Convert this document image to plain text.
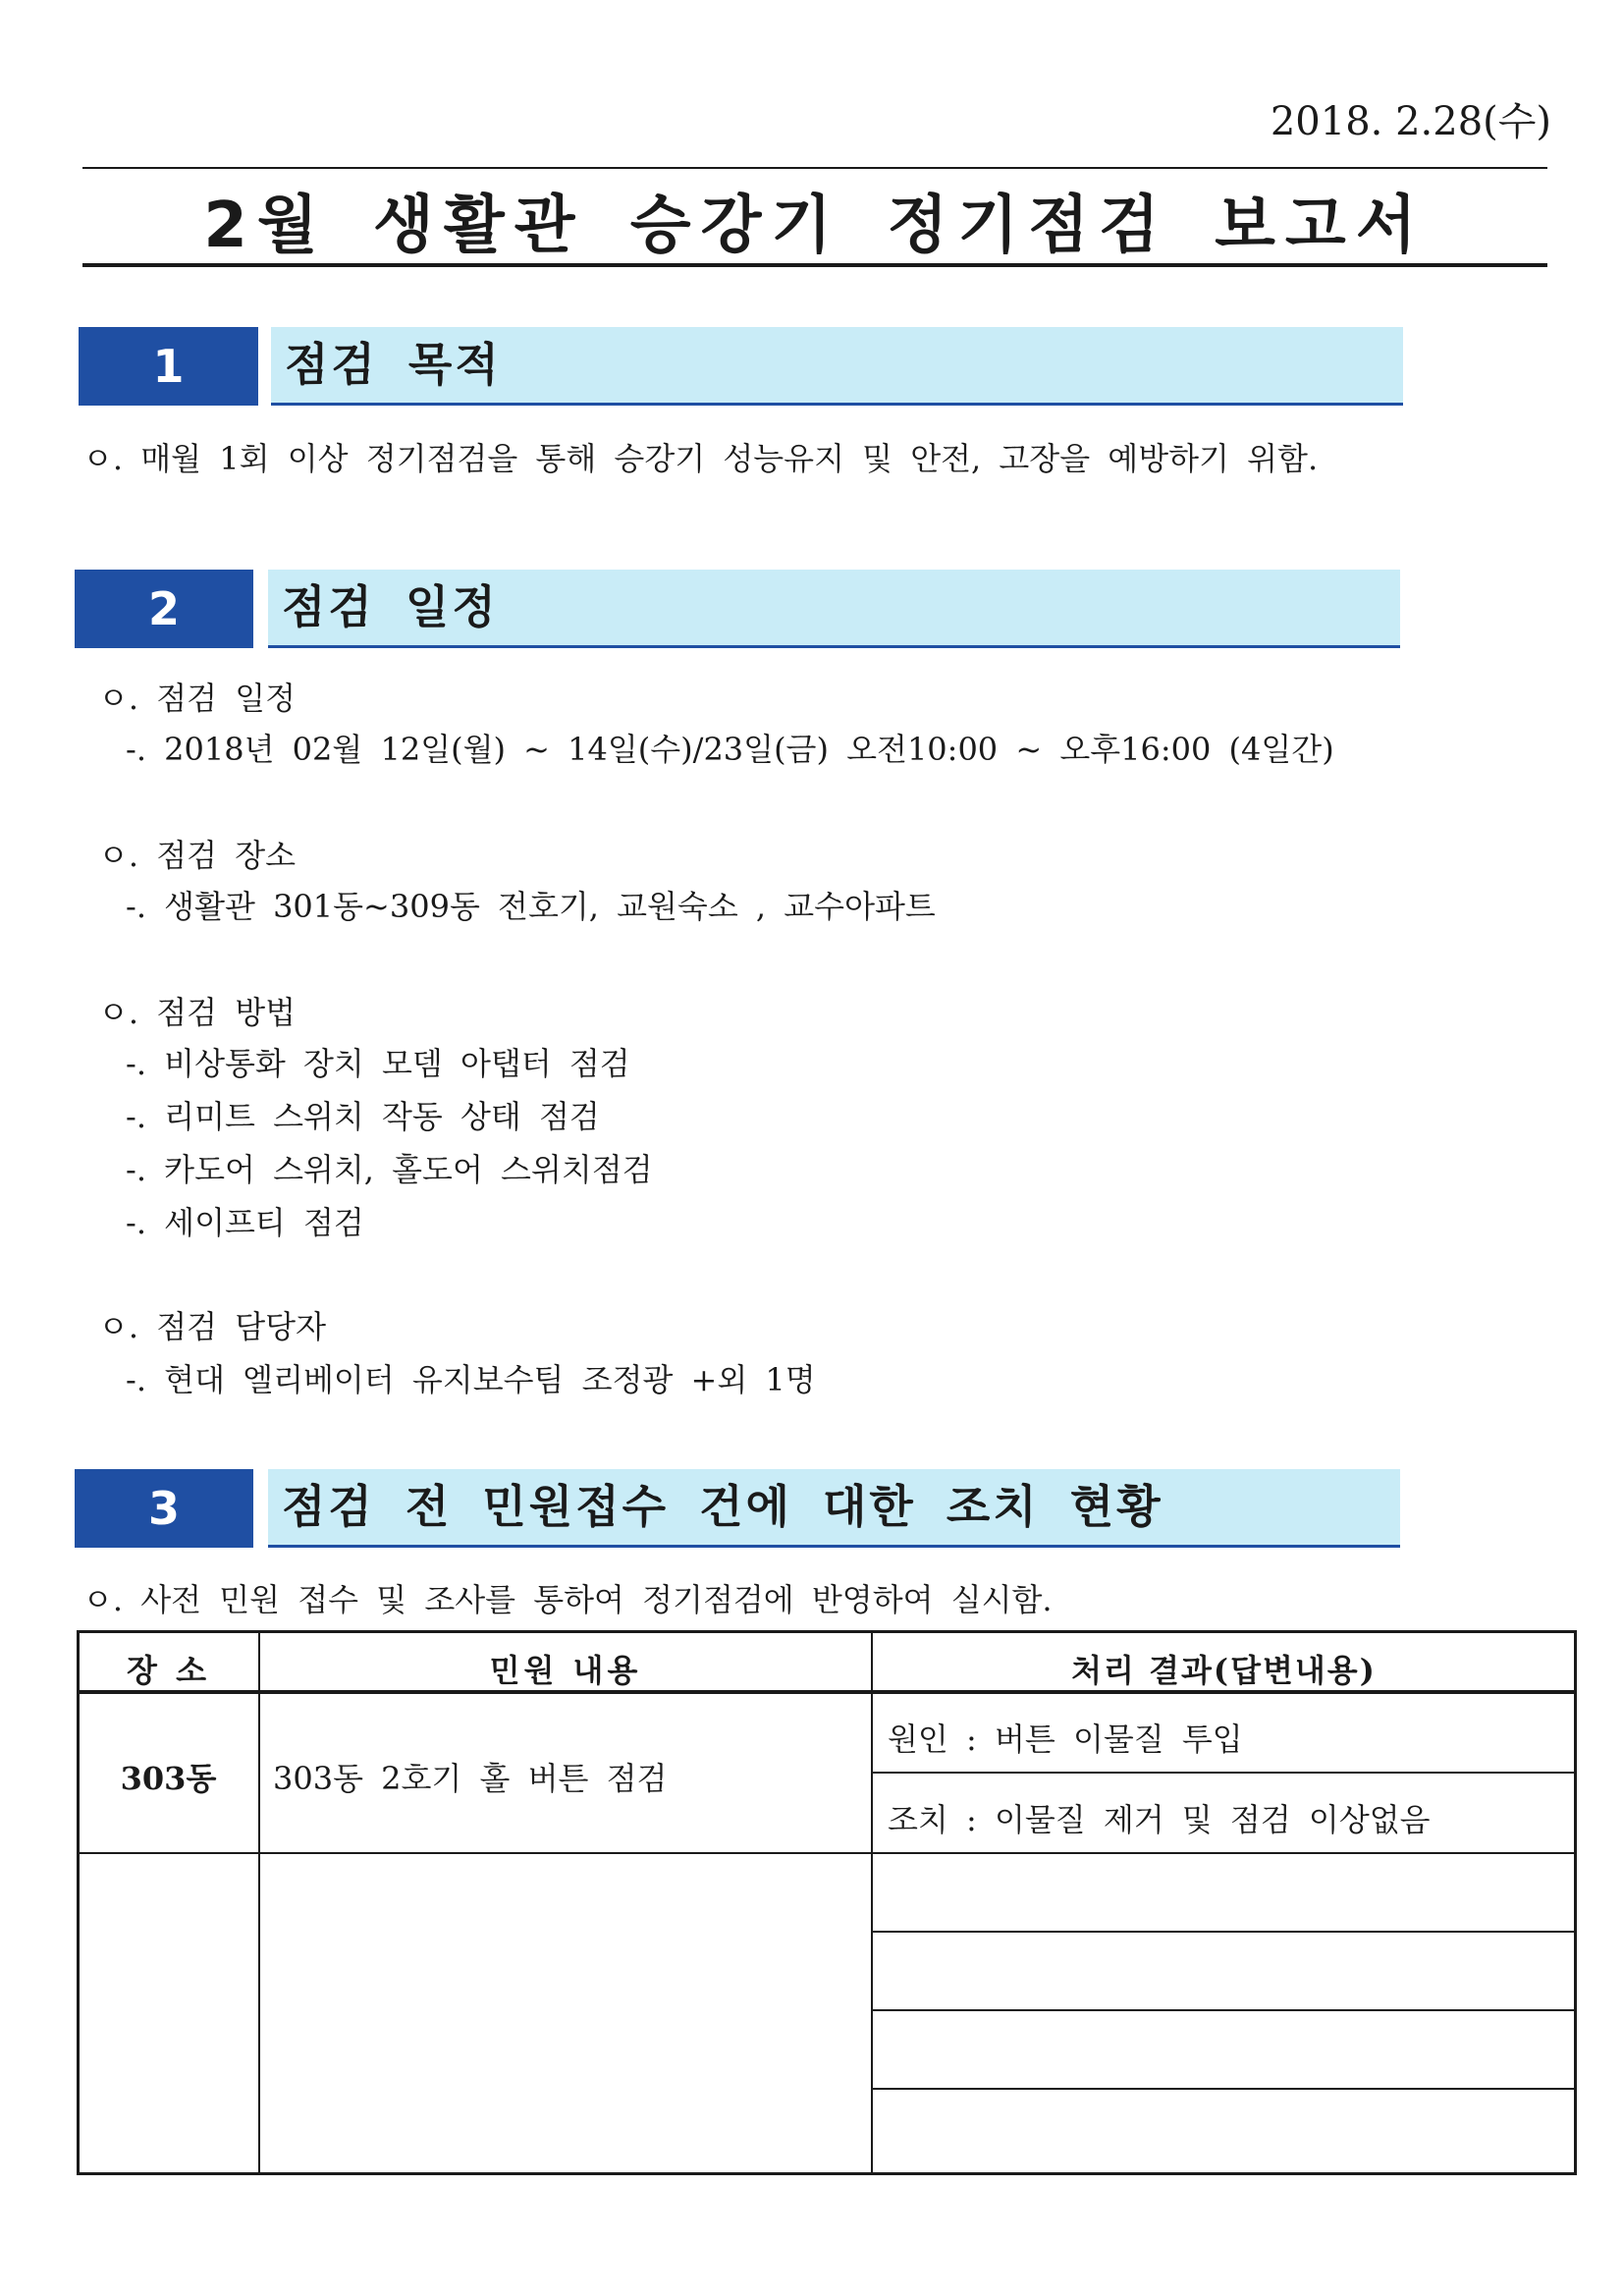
2018. 2.28(수)
2월 생활관 승강기 정기점검 보고서
1	점검 목적
ㅇ. 매월 1회 이상 정기점검을 통해 승강기 성능유지 및 안전, 고장을 예방하기 위함.
2	점검 일정
ㅇ. 점검 일정
-. 2018년 02월 12일(월) ~ 14일(수)/23일(금) 오전10:00 ~ 오후16:00 (4일간)
ㅇ. 점검 장소
-. 생활관 301동~309동 전호기, 교원숙소 , 교수아파트
ㅇ. 점검 방법
-. 비상통화 장치 모뎀 아탭터 점검
-. 리미트 스위치 작동 상태 점검
-. 카도어 스위치, 홀도어 스위치점검
-. 세이프티 점검
ㅇ. 점검 담당자
-. 현대 엘리베이터 유지보수팀 조정광 +외 1명
3	점검 전 민원접수 건에 대한 조치 현황
ㅇ. 사전 민원 접수 및 조사를 통하여 정기점검에 반영하여 실시함.
장 소	민원 내용	처리 결과(답변내용)
303동	303동 2호기 홀 버튼 점검
원인 : 버튼 이물질 투입
조치 : 이물질 제거 및 점검 이상없음
